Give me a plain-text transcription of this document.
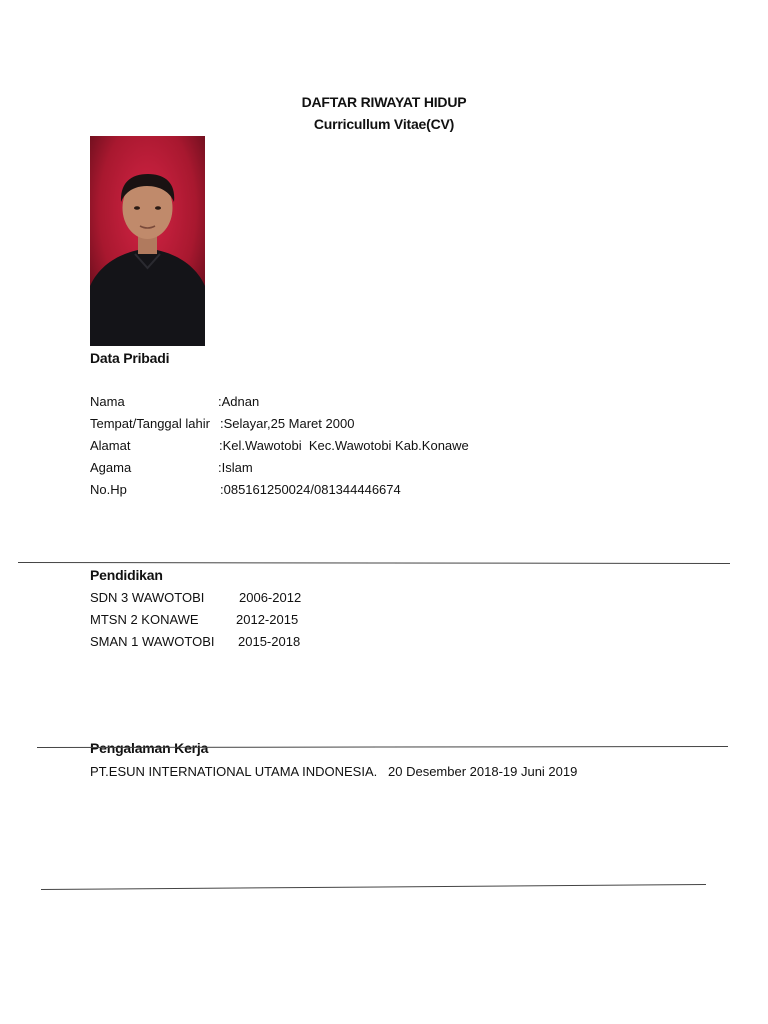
DAFTAR RIWAYAT HIDUP
Curricullum Vitae(CV)
Data Pribadi
Nama	:Adnan
Tempat/Tanggal lahir :Selayar,25 Maret 2000
Alamat	:Kel.Wawotobi  Kec.Wawotobi Kab.Konawe
Agama	:Islam
No.Hp	:085161250024/081344446674
Pendidikan
SDN 3 WAWOTOBI	2006-2012
MTSN 2 KONAWE	2012-2015
SMAN 1 WAWOTOBI 2015-2018
Pengalaman Kerja
PT.ESUN INTERNATIONAL UTAMA INDONESIA. 20 Desember 2018-19 Juni 2019
